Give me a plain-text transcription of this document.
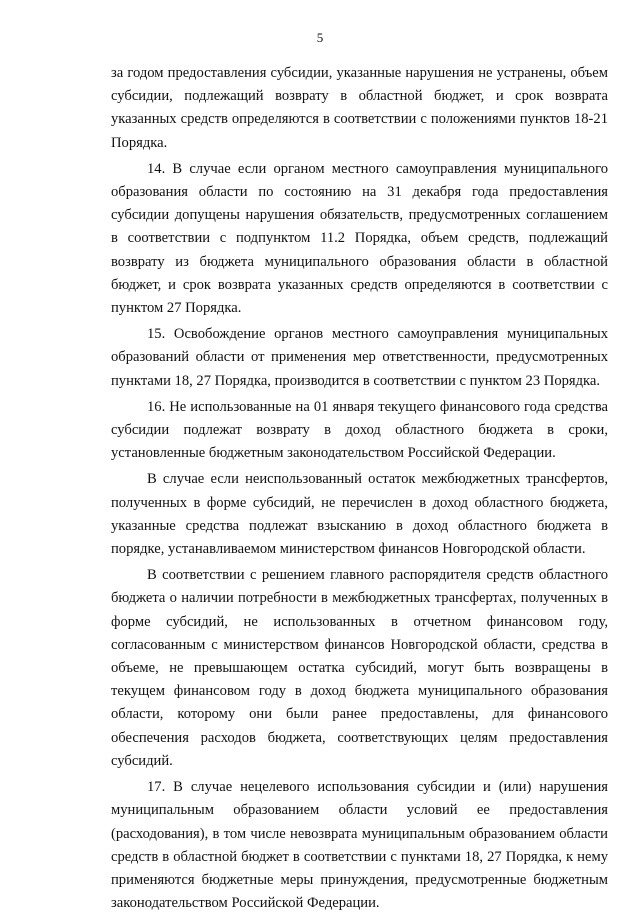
5

за годом предоставления субсидии, указанные нарушения не устранены, объем субсидии, подлежащий возврату в областной бюджет, и срок возврата указанных средств определяются в соответствии с положениями пунктов 18-21 Порядка.

14. В случае если органом местного самоуправления муниципального образования области по состоянию на 31 декабря года предоставления субсидии допущены нарушения обязательств, предусмотренных соглашением в соответствии с подпунктом 11.2 Порядка, объем средств, подлежащий возврату из бюджета муниципального образования области в областной бюджет, и срок возврата указанных средств определяются в соответствии с пунктом 27 Порядка.

15. Освобождение органов местного самоуправления муниципальных образований области от применения мер ответственности, предусмотренных пунктами 18, 27 Порядка, производится в соответствии с пунктом 23 Порядка.

16. Не использованные на 01 января текущего финансового года средства субсидии подлежат возврату в доход областного бюджета в сроки, установленные бюджетным законодательством Российской Федерации.

В случае если неиспользованный остаток межбюджетных трансфертов, полученных в форме субсидий, не перечислен в доход областного бюджета, указанные средства подлежат взысканию в доход областного бюджета в порядке, устанавливаемом министерством финансов Новгородской области.

В соответствии с решением главного распорядителя средств областного бюджета о наличии потребности в межбюджетных трансфертах, полученных в форме субсидий, не использованных в отчетном финансовом году, согласованным с министерством финансов Новгородской области, средства в объеме, не превышающем остатка субсидий, могут быть возвращены в текущем финансовом году в доход бюджета муниципального образования области, которому они были ранее предоставлены, для финансового обеспечения расходов бюджета, соответствующих целям предоставления субсидий.

17. В случае нецелевого использования субсидии и (или) нарушения муниципальным образованием области условий ее предоставления (расходования), в том числе невозврата муниципальным образованием области средств в областной бюджет в соответствии с пунктами 18, 27 Порядка, к нему применяются бюджетные меры принуждения, предусмотренные бюджетным законодательством Российской Федерации.
